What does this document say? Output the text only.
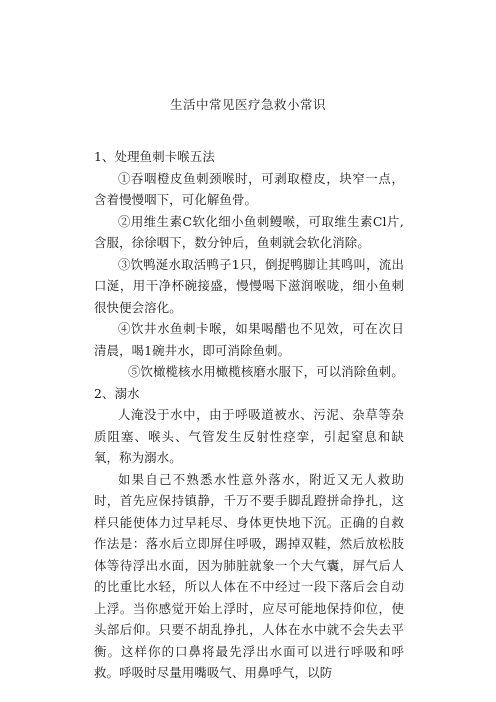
生活中常见医疗急救小常识

1、处理鱼刺卡喉五法

①吞咽橙皮鱼刺颈喉时，可剥取橙皮，块窄一点，含着慢慢咽下，可化解鱼骨。

②用维生素C软化细小鱼刺鳗喉，可取维生素Cl片,含服，徐徐咽下，数分钟后，鱼刺就会软化消除。

③饮鸭涎水取活鸭子1只，倒捉鸭脚让其鸣叫，流出口涎，用干净杯碗接盛，慢慢喝下滋润喉咙，细小鱼刺很快便会溶化。

④饮井水鱼刺卡喉，如果喝醋也不见效，可在次日清晨，喝1碗井水，即可消除鱼刺。

⑤饮橄榄核水用橄榄核磨水服下，可以消除鱼刺。

2、溺水

人淹没于水中，由于呼吸道被水、污泥、杂草等杂质阻塞、喉头、气管发生反射性痉挛，引起窒息和缺氧，称为溺水。

如果自己不熟悉水性意外落水，附近又无人救助时，首先应保持镇静，千万不要手脚乱蹬拼命挣扎，这样只能使体力过早耗尽、身体更快地下沉。正确的自救作法是：落水后立即屏住呼吸，踢掉双鞋，然后放松肢体等待浮出水面，因为肺脏就象一个大气囊，屏气后人的比重比水轻，所以人体在不中经过一段下落后会自动上浮。当你感觉开始上浮时，应尽可能地保持仰位，使头部后仰。只要不胡乱挣扎，人体在水中就不会失去平衡。这样你的口鼻将最先浮出水面可以进行呼吸和呼救。呼吸时尽量用嘴吸气、用鼻呼气，以防
